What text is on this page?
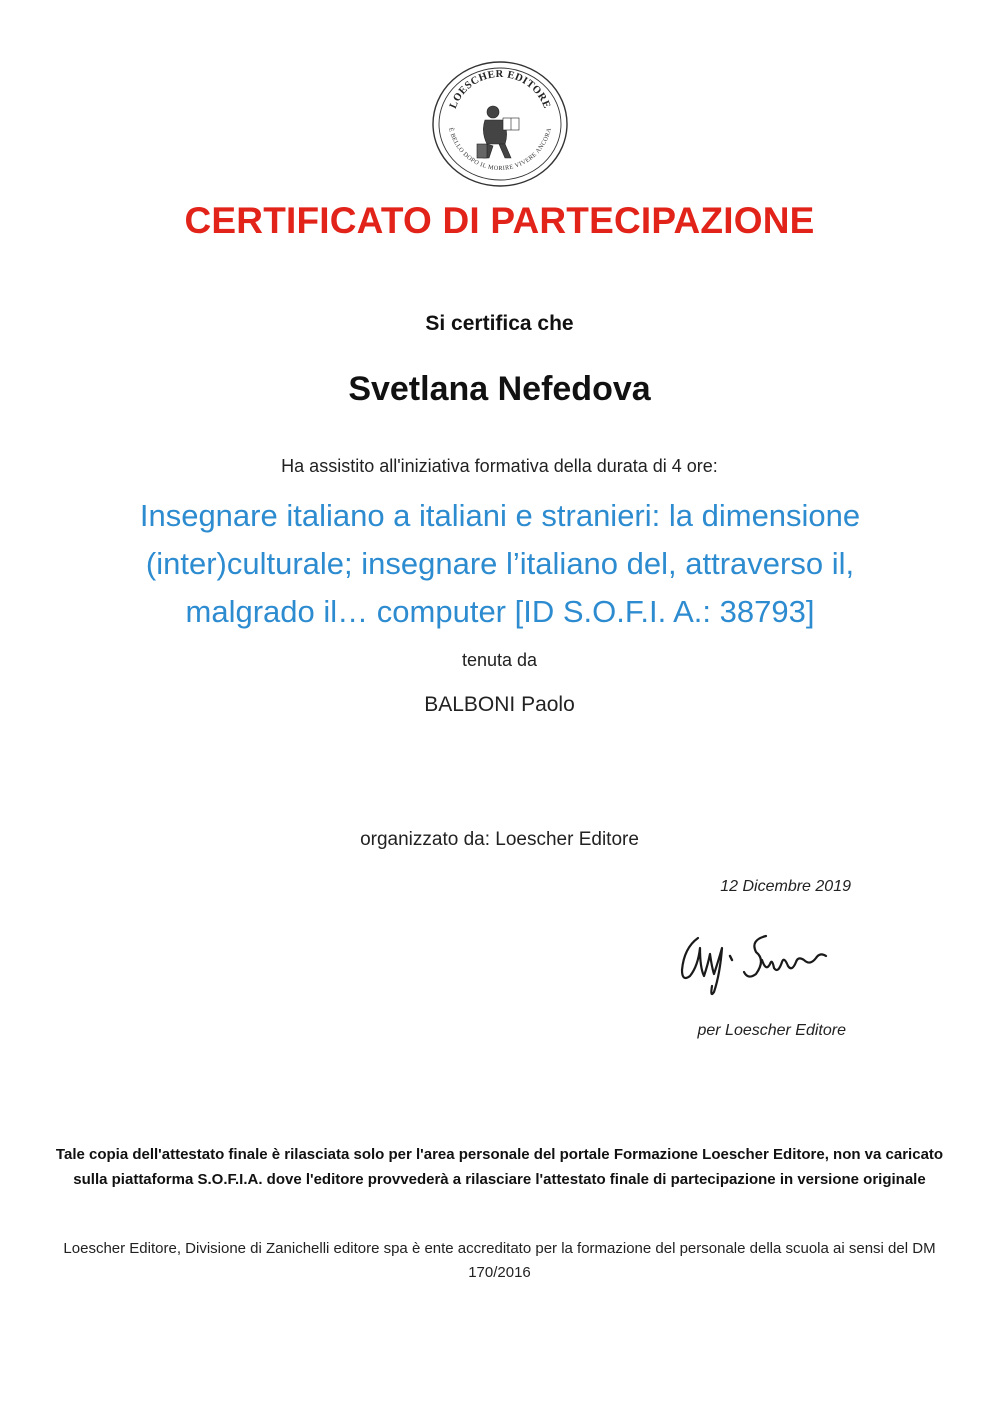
LOESCHER EDITORE
È BELLO DOPO IL MORIRE VIVERE ANCORA
CERTIFICATO DI PARTECIPAZIONE
Si certifica che
Svetlana Nefedova
Ha assistito all'iniziativa formativa della durata di 4 ore:
Insegnare italiano a italiani e stranieri: la dimensione
(inter)culturale; insegnare l’italiano del, attraverso il,
malgrado il… computer [ID S.O.F.I. A.: 38793]
tenuta da
BALBONI Paolo
organizzato da: Loescher Editore
12 Dicembre 2019
per Loescher Editore
Tale copia dell'attestato finale è rilasciata solo per l'area personale del portale Formazione Loescher Editore, non va caricato sulla piattaforma S.O.F.I.A. dove l'editore provvederà a rilasciare l'attestato finale di partecipazione in versione originale
Loescher Editore, Divisione di Zanichelli editore spa è ente accreditato per la formazione del personale della scuola ai sensi del DM 170/2016
